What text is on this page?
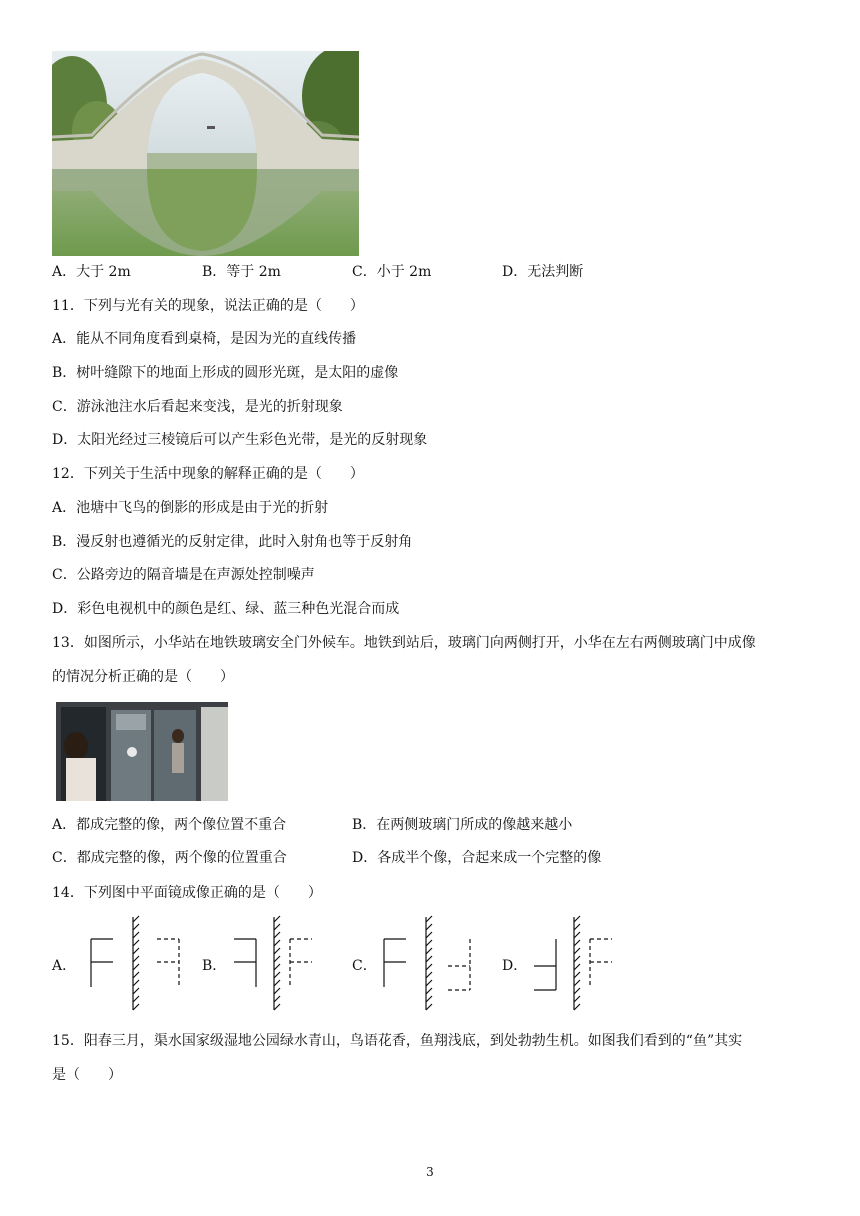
A．大于 2m	B．等于 2m	C．小于 2m	D．无法判断
11．下列与光有关的现象，说法正确的是（　　）
A．能从不同角度看到桌椅，是因为光的直线传播
B．树叶缝隙下的地面上形成的圆形光斑，是太阳的虚像
C．游泳池注水后看起来变浅，是光的折射现象
D．太阳光经过三棱镜后可以产生彩色光带，是光的反射现象
12．下列关于生活中现象的解释正确的是（　　）
A．池塘中飞鸟的倒影的形成是由于光的折射
B．漫反射也遵循光的反射定律，此时入射角也等于反射角
C．公路旁边的隔音墙是在声源处控制噪声
D．彩色电视机中的颜色是红、绿、蓝三种色光混合而成
13．如图所示，小华站在地铁玻璃安全门外候车。地铁到站后，玻璃门向两侧打开，小华在左右两侧玻璃门中成像
的情况分析正确的是（　　）
A．都成完整的像，两个像位置不重合	B．在两侧玻璃门所成的像越来越小
C．都成完整的像，两个像的位置重合	D．各成半个像，合起来成一个完整的像
14．下列图中平面镜成像正确的是（　　）
A．	B．	C．	D．
15．阳春三月，渠水国家级湿地公园绿水青山，鸟语花香，鱼翔浅底，到处勃勃生机。如图我们看到的“鱼”其实
是（　　）
3
